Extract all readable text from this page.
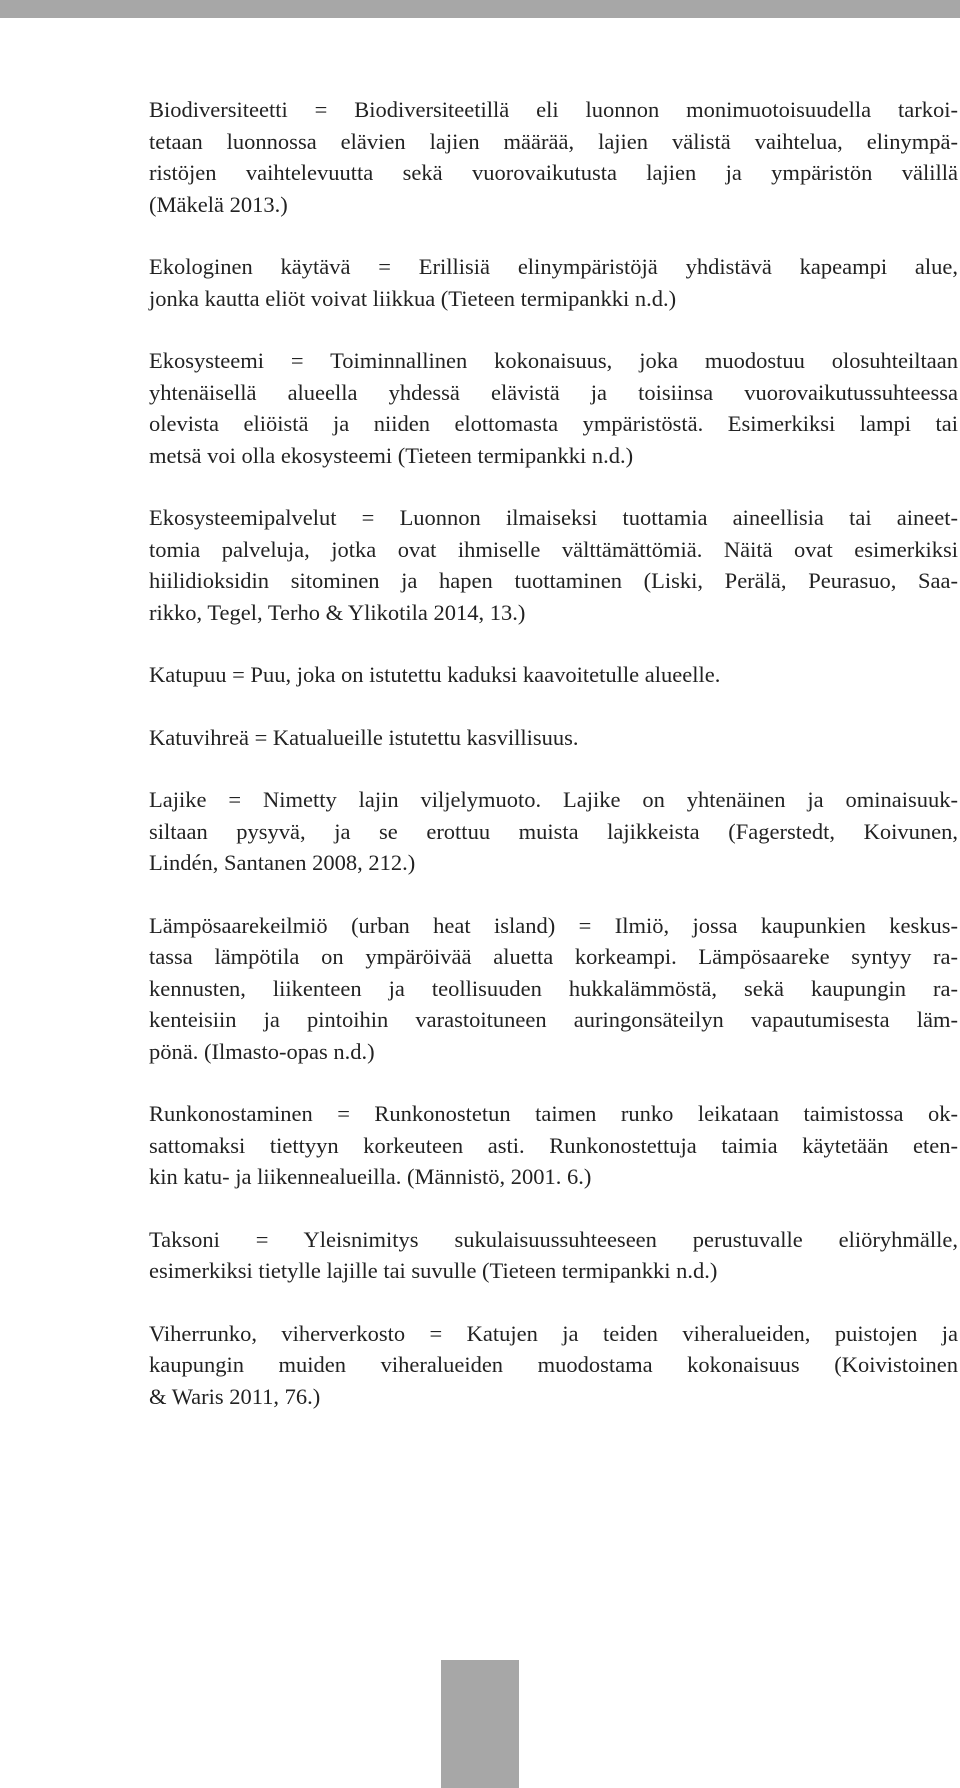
Biodiversiteetti = Biodiversiteetillä eli luonnon monimuotoisuudella tarkoi-
tetaan luonnossa elävien lajien määrää, lajien välistä vaihtelua, elinympä-
ristöjen vaihtelevuutta sekä vuorovaikutusta lajien ja ympäristön välillä
(Mäkelä 2013.)
Ekologinen käytävä = Erillisiä elinympäristöjä yhdistävä kapeampi alue,
jonka kautta eliöt voivat liikkua (Tieteen termipankki n.d.)
Ekosysteemi = Toiminnallinen kokonaisuus, joka muodostuu olosuhteiltaan
yhtenäisellä alueella yhdessä elävistä ja toisiinsa vuorovaikutussuhteessa
olevista eliöistä ja niiden elottomasta ympäristöstä. Esimerkiksi lampi tai
metsä voi olla ekosysteemi (Tieteen termipankki n.d.)
Ekosysteemipalvelut = Luonnon ilmaiseksi tuottamia aineellisia tai aineet-
tomia palveluja, jotka ovat ihmiselle välttämättömiä. Näitä ovat esimerkiksi
hiilidioksidin sitominen ja hapen tuottaminen (Liski, Perälä, Peurasuo, Saa-
rikko, Tegel, Terho & Ylikotila 2014, 13.)
Katupuu = Puu, joka on istutettu kaduksi kaavoitetulle alueelle.
Katuvihreä = Katualueille istutettu kasvillisuus.
Lajike = Nimetty lajin viljelymuoto. Lajike on yhtenäinen ja ominaisuuk-
siltaan pysyvä, ja se erottuu muista lajikkeista (Fagerstedt, Koivunen,
Lindén, Santanen 2008, 212.)
Lämpösaarekeilmiö (urban heat island) = Ilmiö, jossa kaupunkien keskus-
tassa lämpötila on ympäröivää aluetta korkeampi. Lämpösaareke syntyy ra-
kennusten, liikenteen ja teollisuuden hukkalämmöstä, sekä kaupungin ra-
kenteisiin ja pintoihin varastoituneen auringonsäteilyn vapautumisesta läm-
pönä. (Ilmasto-opas n.d.)
Runkonostaminen = Runkonostetun taimen runko leikataan taimistossa ok-
sattomaksi tiettyyn korkeuteen asti. Runkonostettuja taimia käytetään eten-
kin katu- ja liikennealueilla. (Männistö, 2001. 6.)
Taksoni = Yleisnimitys sukulaisuussuhteeseen perustuvalle eliöryhmälle,
esimerkiksi tietylle lajille tai suvulle (Tieteen termipankki n.d.)
Viherrunko, viherverkosto = Katujen ja teiden viheralueiden, puistojen ja
kaupungin muiden viheralueiden muodostama kokonaisuus (Koivistoinen
& Waris 2011, 76.)
